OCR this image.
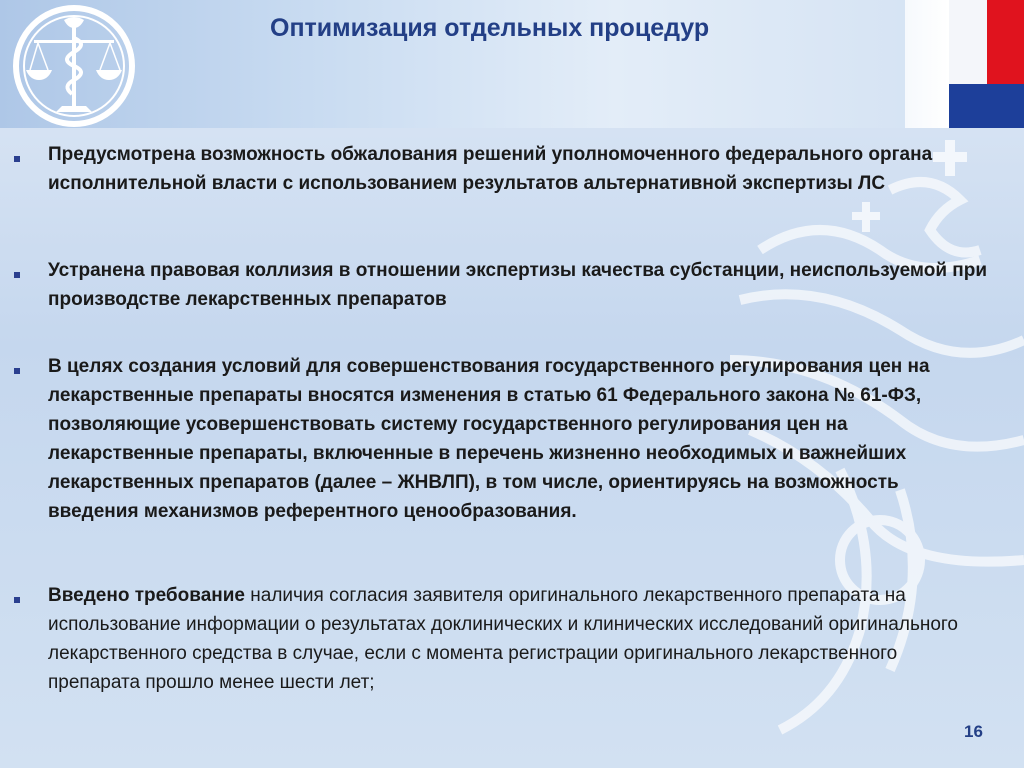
Оптимизация отдельных процедур

Предусмотрена возможность обжалования решений уполномоченного федерального органа исполнительной власти с использованием результатов альтернативной экспертизы ЛС

Устранена правовая коллизия в отношении экспертизы качества субстанции, неиспользуемой при производстве лекарственных препаратов

В целях создания условий для совершенствования государственного регулирования цен на лекарственные препараты вносятся изменения в статью 61 Федерального закона № 61-ФЗ, позволяющие усовершенствовать систему государственного регулирования цен на лекарственные препараты, включенные в перечень жизненно необходимых и важнейших лекарственных препаратов (далее – ЖНВЛП), в том числе, ориентируясь на возможность введения механизмов референтного ценообразования.

Введено требование наличия согласия заявителя оригинального лекарственного препарата на использование информации о результатах доклинических и клинических исследований оригинального лекарственного средства в случае, если с момента регистрации оригинального лекарственного препарата прошло менее шести лет;

16
